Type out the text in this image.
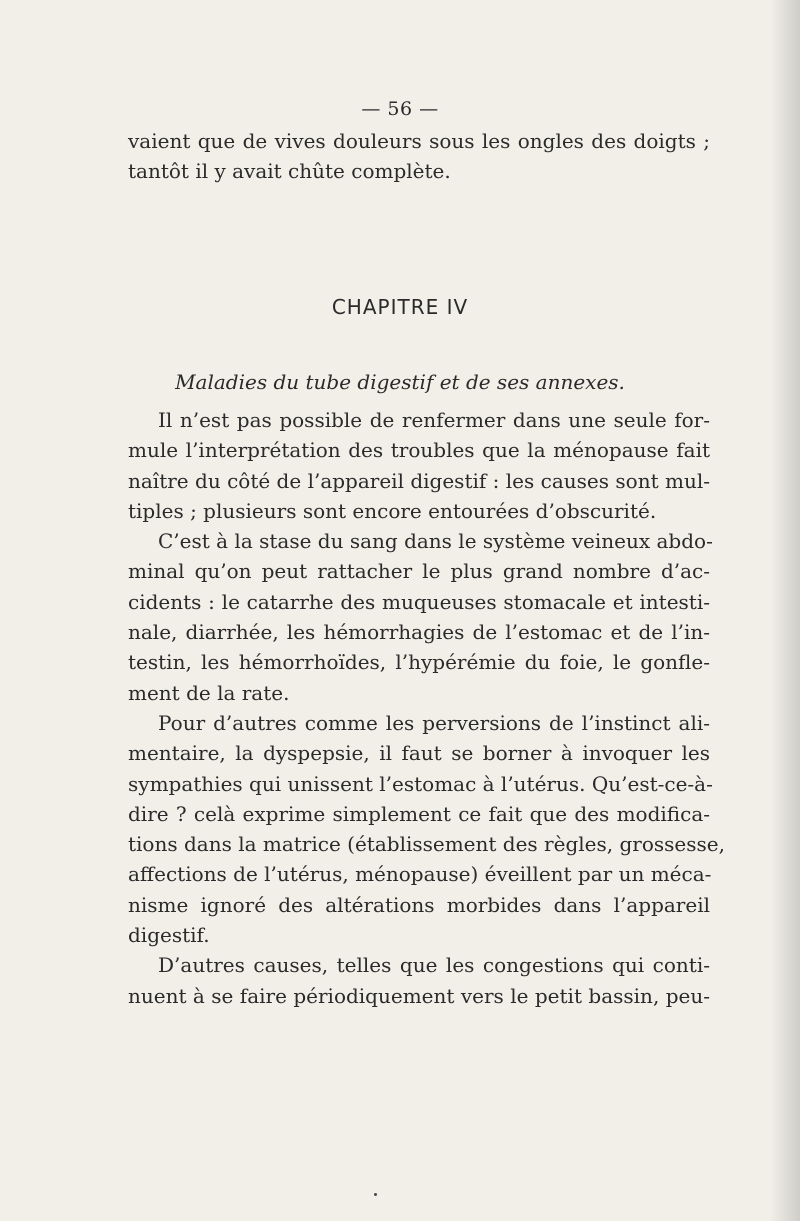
— 56 —
vaient que de vives douleurs sous les ongles des doigts ;
tantôt il y avait chûte complète.
CHAPITRE IV
Maladies du tube digestif et de ses annexes.
Il n’est pas possible de renfermer dans une seule for-
mule l’interprétation des troubles que la ménopause fait
naître du côté de l’appareil digestif : les causes sont mul-
tiples ; plusieurs sont encore entourées d’obscurité.
C’est à la stase du sang dans le système veineux abdo-
minal qu’on peut rattacher le plus grand nombre d’ac-
cidents : le catarrhe des muqueuses stomacale et intesti-
nale, diarrhée, les hémorrhagies de l’estomac et de l’in-
testin, les hémorrhoïdes, l’hypérémie du foie, le gonfle-
ment de la rate.
Pour d’autres comme les perversions de l’instinct ali-
mentaire, la dyspepsie, il faut se borner à invoquer les
sympathies qui unissent l’estomac à l’utérus. Qu’est-ce-à-
dire ? celà exprime simplement ce fait que des modifica-
tions dans la matrice (établissement des règles, grossesse,
affections de l’utérus, ménopause) éveillent par un méca-
nisme ignoré des altérations morbides dans l’appareil
digestif.
D’autres causes, telles que les congestions qui conti-
nuent à se faire périodiquement vers le petit bassin, peu-
